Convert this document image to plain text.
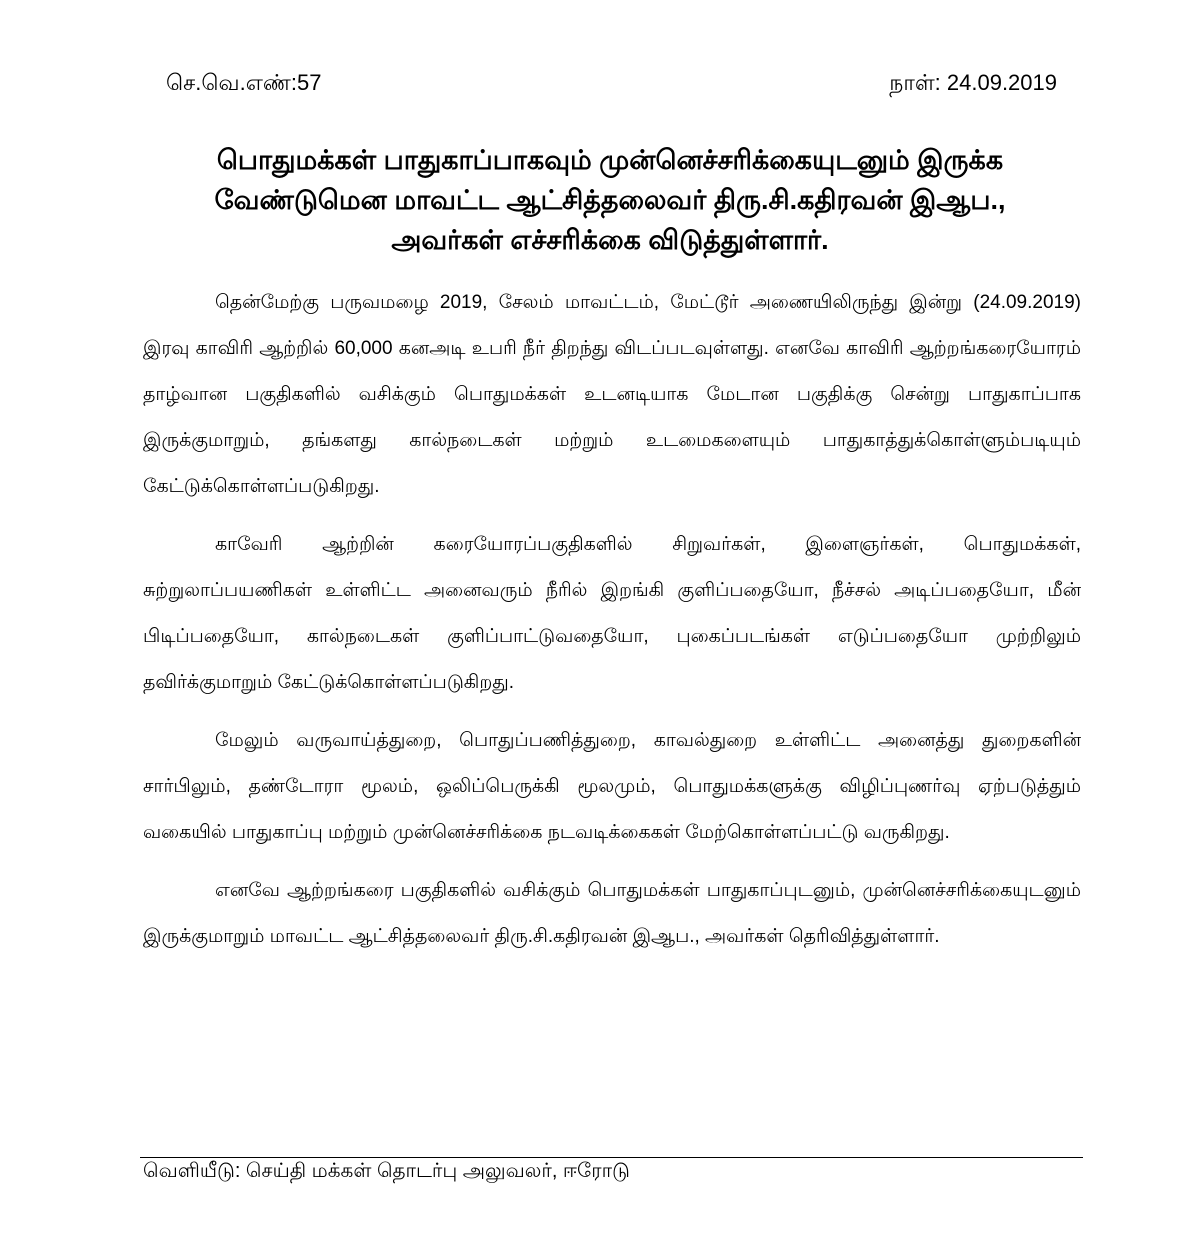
செ.வெ.எண்:57	நாள்: 24.09.2019
பொதுமக்கள் பாதுகாப்பாகவும் முன்னெச்சரிக்கையுடனும் இருக்க
வேண்டுமென மாவட்ட ஆட்சித்தலைவர் திரு.சி.கதிரவன் இஆப.,
அவர்கள் எச்சரிக்கை விடுத்துள்ளார்.

தென்மேற்கு பருவமழை 2019, சேலம் மாவட்டம், மேட்டூர் அணையிலிருந்து இன்று (24.09.2019) இரவு காவிரி ஆற்றில் 60,000 கனஅடி உபரி நீர் திறந்து விடப்படவுள்ளது. எனவே காவிரி ஆற்றங்கரையோரம் தாழ்வான பகுதிகளில் வசிக்கும் பொதுமக்கள் உடனடியாக மேடான பகுதிக்கு சென்று பாதுகாப்பாக இருக்குமாறும், தங்களது கால்நடைகள் மற்றும் உடமைகளையும் பாதுகாத்துக்கொள்ளும்படியும் கேட்டுக்கொள்ளப்படுகிறது.

காவேரி ஆற்றின் கரையோரப்பகுதிகளில் சிறுவர்கள், இளைஞர்கள், பொதுமக்கள், சுற்றுலாப்பயணிகள் உள்ளிட்ட அனைவரும் நீரில் இறங்கி குளிப்பதையோ, நீச்சல் அடிப்பதையோ, மீன் பிடிப்பதையோ, கால்நடைகள் குளிப்பாட்டுவதையோ, புகைப்படங்கள் எடுப்பதையோ முற்றிலும் தவிர்க்குமாறும் கேட்டுக்கொள்ளப்படுகிறது.

மேலும் வருவாய்த்துறை, பொதுப்பணித்துறை, காவல்துறை உள்ளிட்ட அனைத்து துறைகளின் சார்பிலும், தண்டோரா மூலம், ஒலிப்பெருக்கி மூலமும், பொதுமக்களுக்கு விழிப்புணர்வு ஏற்படுத்தும் வகையில் பாதுகாப்பு மற்றும் முன்னெச்சரிக்கை நடவடிக்கைகள் மேற்கொள்ளப்பட்டு வருகிறது.

எனவே ஆற்றங்கரை பகுதிகளில் வசிக்கும் பொதுமக்கள் பாதுகாப்புடனும், முன்னெச்சரிக்கையுடனும் இருக்குமாறும் மாவட்ட ஆட்சித்தலைவர் திரு.சி.கதிரவன் இஆப., அவர்கள் தெரிவித்துள்ளார்.

வெளியீடு: செய்தி மக்கள் தொடர்பு அலுவலர், ஈரோடு
